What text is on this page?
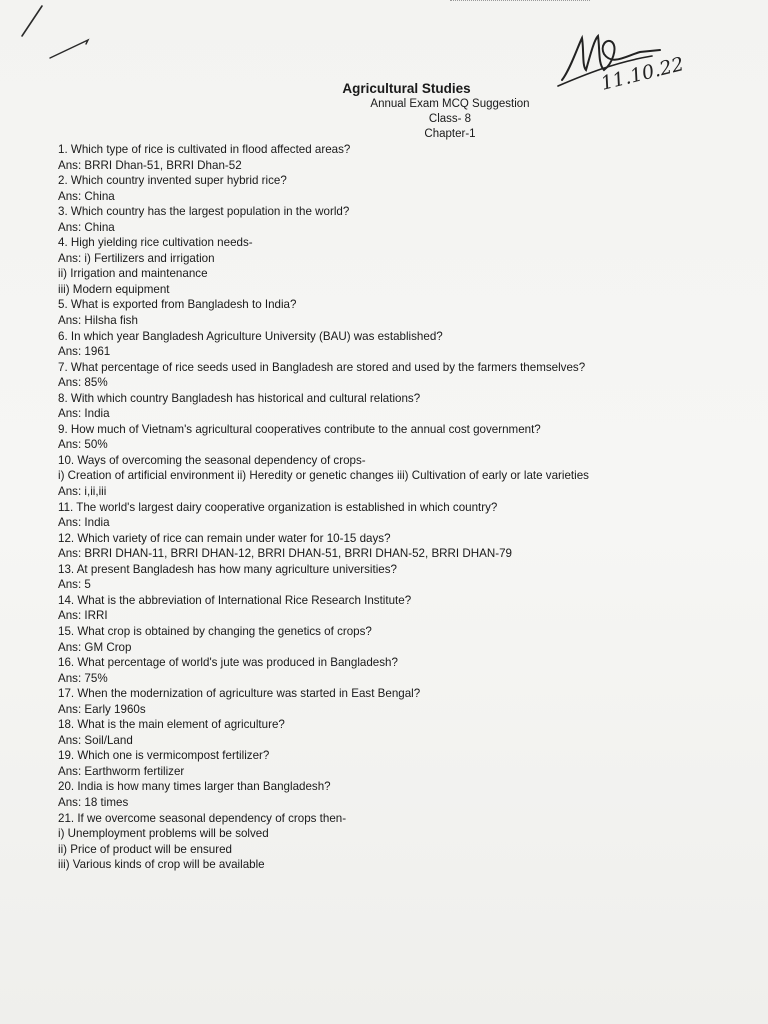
11.10.22
Agricultural Studies
Annual Exam MCQ Suggestion
Class- 8
Chapter-1
1. Which type of rice is cultivated in flood affected areas?
Ans: BRRI Dhan-51, BRRI Dhan-52
2. Which country invented super hybrid rice?
Ans: China
3. Which country has the largest population in the world?
Ans: China
4. High yielding rice cultivation needs-
Ans: i) Fertilizers and irrigation
ii) Irrigation and maintenance
iii) Modern equipment
5. What is exported from Bangladesh to India?
Ans: Hilsha fish
6. In which year Bangladesh Agriculture University (BAU) was established?
Ans: 1961
7. What percentage of rice seeds used in Bangladesh are stored and used by the farmers themselves?
Ans: 85%
8. With which country Bangladesh has historical and cultural relations?
Ans: India
9. How much of Vietnam's agricultural cooperatives contribute to the annual cost government?
Ans: 50%
10. Ways of overcoming the seasonal dependency of crops-
i) Creation of artificial environment ii) Heredity or genetic changes iii) Cultivation of early or late varieties
Ans: i,ii,iii
11. The world's largest dairy cooperative organization is established in which country?
Ans: India
12. Which variety of rice can remain under water for 10-15 days?
Ans: BRRI DHAN-11, BRRI DHAN-12, BRRI DHAN-51, BRRI DHAN-52, BRRI DHAN-79
13. At present Bangladesh has how many agriculture universities?
Ans: 5
14. What is the abbreviation of International Rice Research Institute?
Ans: IRRI
15. What crop is obtained by changing the genetics of crops?
Ans: GM Crop
16. What percentage of world's jute was produced in Bangladesh?
Ans: 75%
17. When the modernization of agriculture was started in East Bengal?
Ans: Early 1960s
18. What is the main element of agriculture?
Ans: Soil/Land
19. Which one is vermicompost fertilizer?
Ans: Earthworm fertilizer
20. India is how many times larger than Bangladesh?
Ans: 18 times
21. If we overcome seasonal dependency of crops then-
i) Unemployment problems will be solved
ii) Price of product will be ensured
iii) Various kinds of crop will be available
